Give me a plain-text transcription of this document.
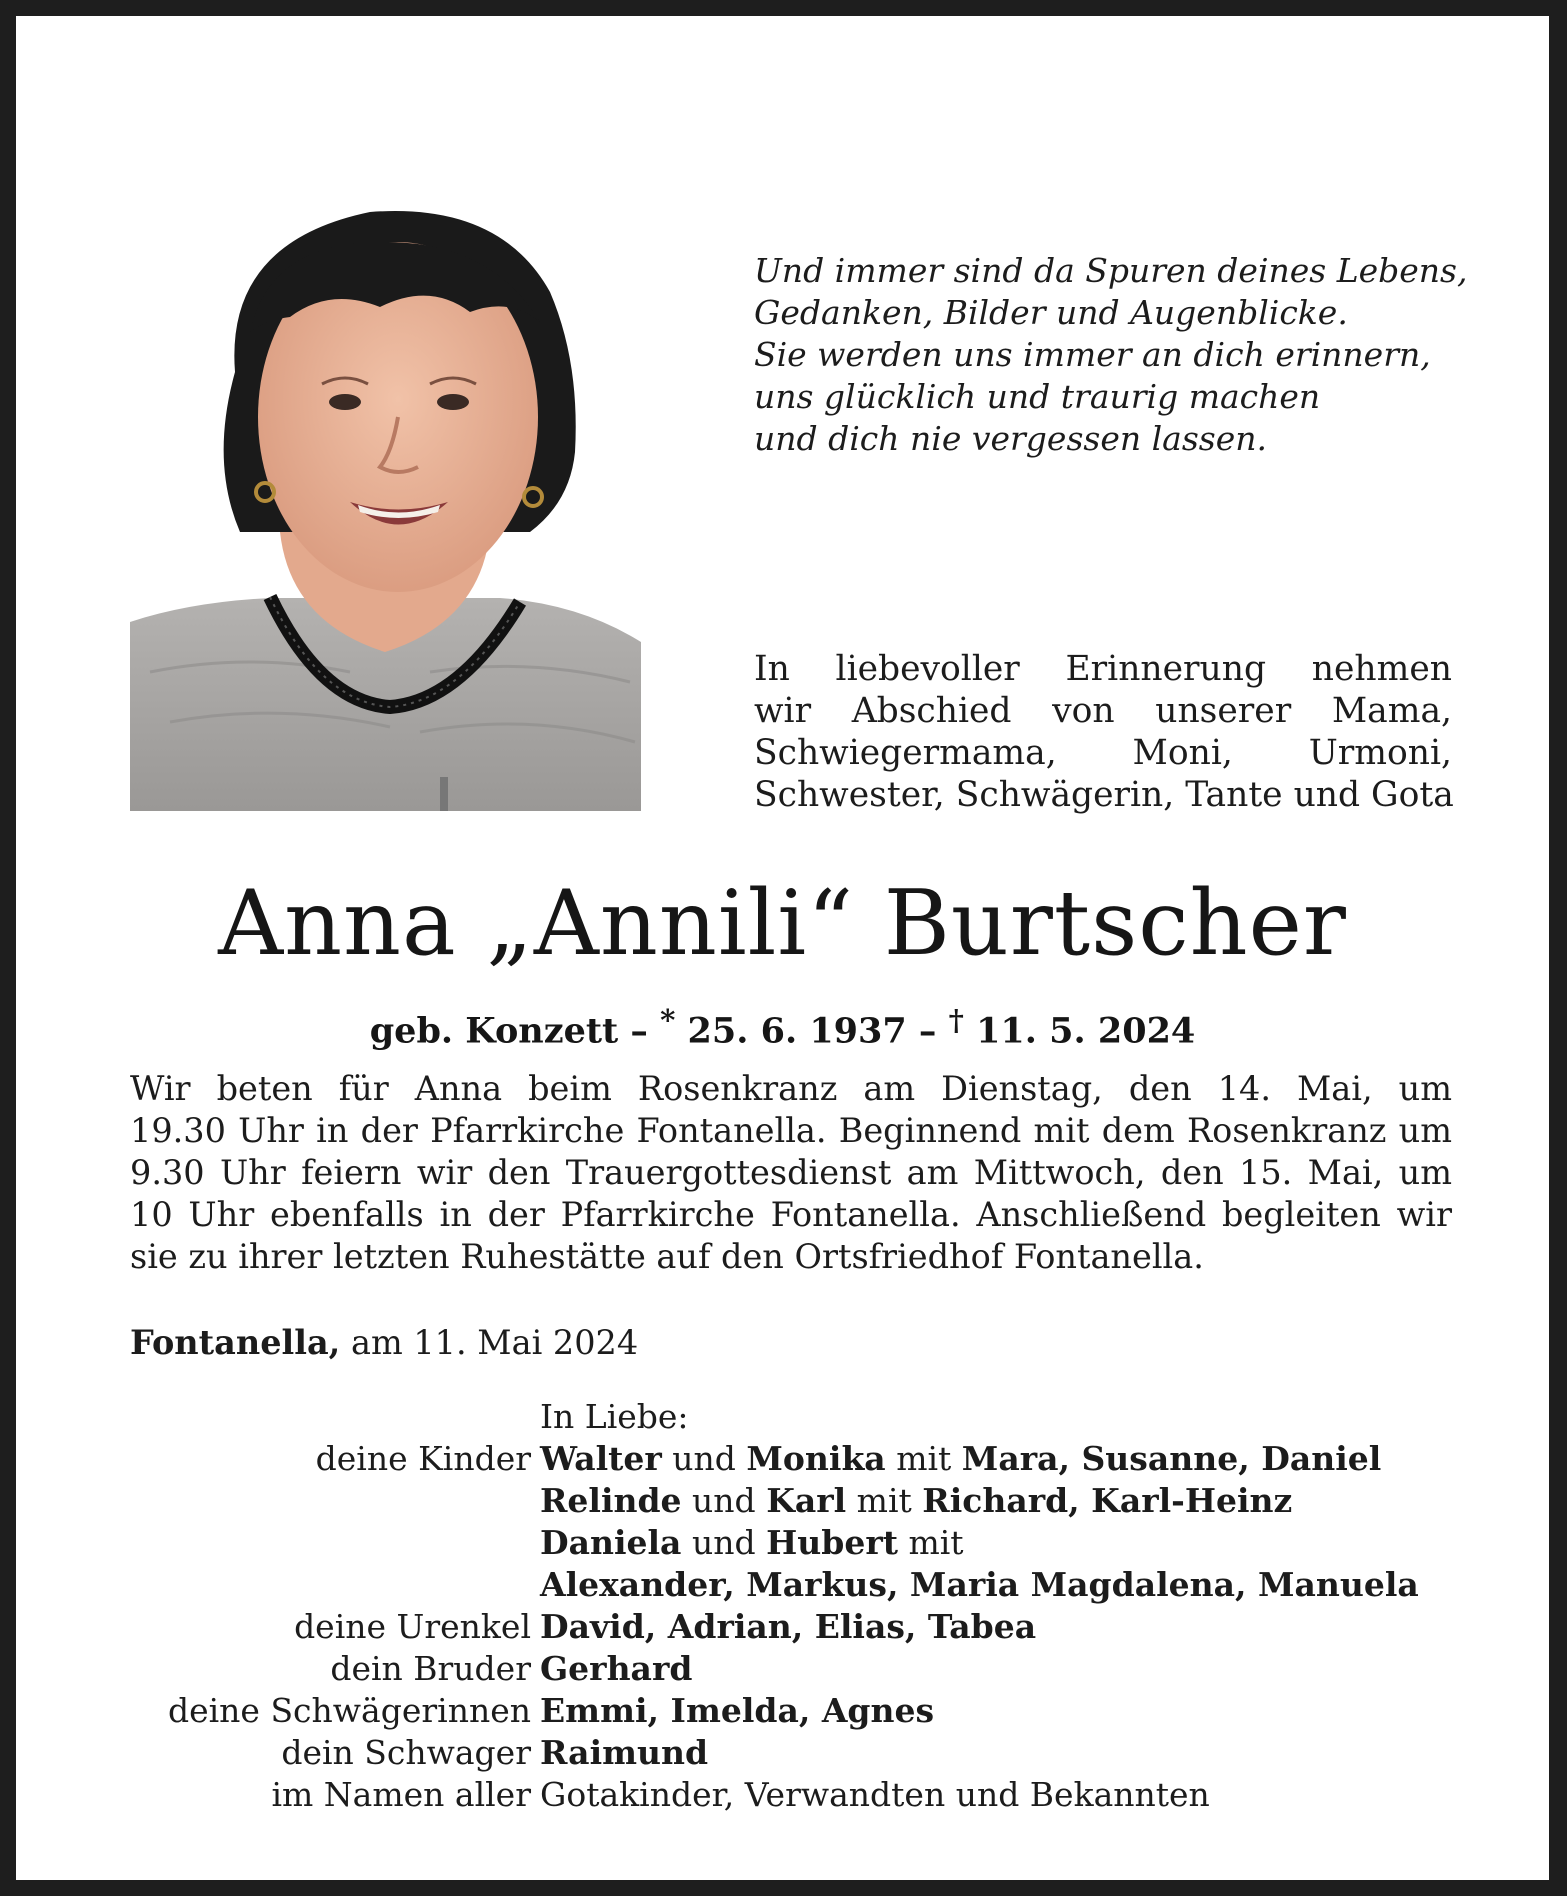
Und immer sind da Spuren deines Lebens,
Gedanken, Bilder und Augenblicke.
Sie werden uns immer an dich erinnern,
uns glücklich und traurig machen
und dich nie vergessen lassen.
In liebevoller Erinnerung nehmen
wir Abschied von unserer Mama,
Schwiegermama, Moni, Urmoni,
Schwester, Schwägerin, Tante und Gota
Anna „Annili“ Burtscher
geb. Konzett – * 25. 6. 1937 – † 11. 5. 2024
Wir beten für Anna beim Rosenkranz am Dienstag, den 14. Mai, um
19.30 Uhr in der Pfarrkirche Fontanella. Beginnend mit dem Rosenkranz um
9.30 Uhr feiern wir den Trauergottesdienst am Mittwoch, den 15. Mai, um
10 Uhr ebenfalls in der Pfarrkirche Fontanella. Anschließend begleiten wir
sie zu ihrer letzten Ruhestätte auf den Ortsfriedhof Fontanella.
Fontanella, am 11. Mai 2024
In Liebe:
deine Kinder Walter und Monika mit Mara, Susanne, Daniel
Relinde und Karl mit Richard, Karl-Heinz
Daniela und Hubert mit
Alexander, Markus, Maria Magdalena, Manuela
deine Urenkel David, Adrian, Elias, Tabea
dein Bruder Gerhard
deine Schwägerinnen Emmi, Imelda, Agnes
dein Schwager Raimund
im Namen aller Gotakinder, Verwandten und Bekannten
